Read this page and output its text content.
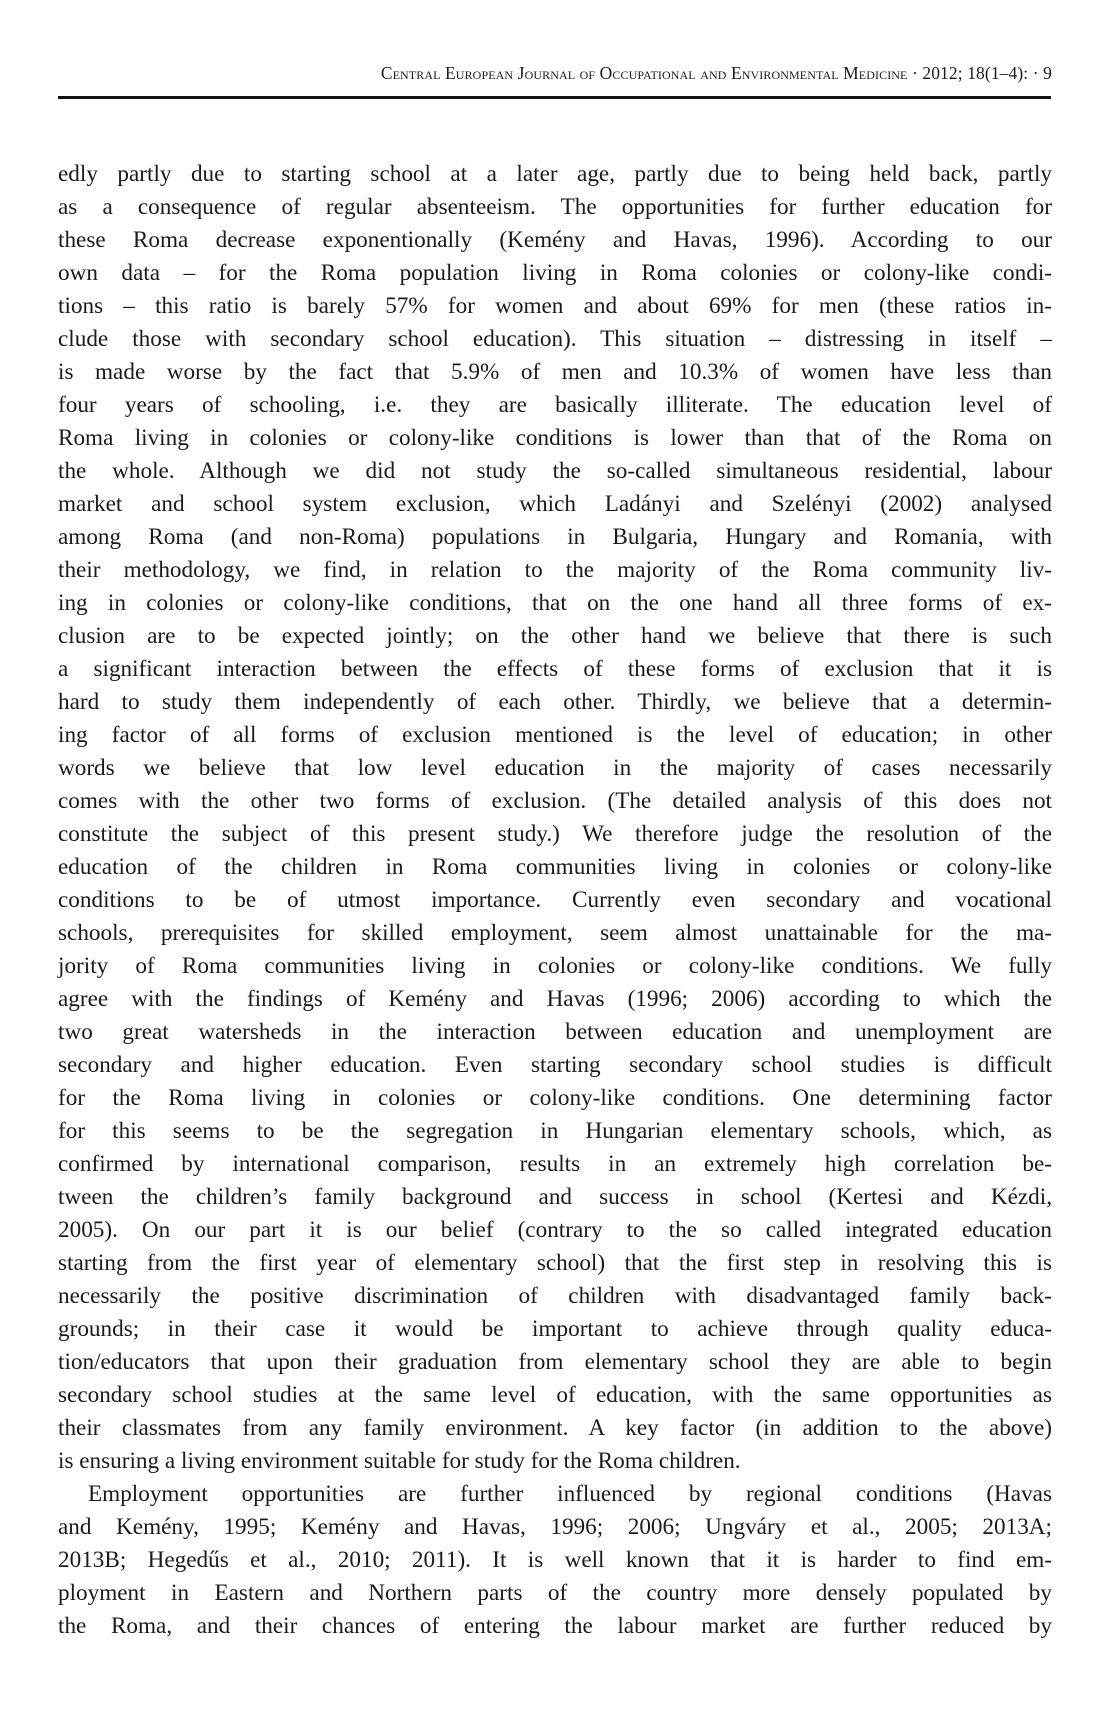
Central European Journal of Occupational and Environmental Medicine · 2012; 18(1–4): · 9
edly partly due to starting school at a later age, partly due to being held back, partly
as a consequence of regular absenteeism. The opportunities for further education for
these Roma decrease exponentionally (Kemény and Havas, 1996). According to our
own data – for the Roma population living in Roma colonies or colony-like condi-
tions – this ratio is barely 57% for women and about 69% for men (these ratios in-
clude those with secondary school education). This situation – distressing in itself –
is made worse by the fact that 5.9% of men and 10.3% of women have less than
four years of schooling, i.e. they are basically illiterate. The education level of
Roma living in colonies or colony-like conditions is lower than that of the Roma on
the whole. Although we did not study the so-called simultaneous residential, labour
market and school system exclusion, which Ladányi and Szelényi (2002) analysed
among Roma (and non-Roma) populations in Bulgaria, Hungary and Romania, with
their methodology, we find, in relation to the majority of the Roma community liv-
ing in colonies or colony-like conditions, that on the one hand all three forms of ex-
clusion are to be expected jointly; on the other hand we believe that there is such
a significant interaction between the effects of these forms of exclusion that it is
hard to study them independently of each other. Thirdly, we believe that a determin-
ing factor of all forms of exclusion mentioned is the level of education; in other
words we believe that low level education in the majority of cases necessarily
comes with the other two forms of exclusion. (The detailed analysis of this does not
constitute the subject of this present study.) We therefore judge the resolution of the
education of the children in Roma communities living in colonies or colony-like
conditions to be of utmost importance. Currently even secondary and vocational
schools, prerequisites for skilled employment, seem almost unattainable for the ma-
jority of Roma communities living in colonies or colony-like conditions. We fully
agree with the findings of Kemény and Havas (1996; 2006) according to which the
two great watersheds in the interaction between education and unemployment are
secondary and higher education. Even starting secondary school studies is difficult
for the Roma living in colonies or colony-like conditions. One determining factor
for this seems to be the segregation in Hungarian elementary schools, which, as
confirmed by international comparison, results in an extremely high correlation be-
tween the children’s family background and success in school (Kertesi and Kézdi,
2005). On our part it is our belief (contrary to the so called integrated education
starting from the first year of elementary school) that the first step in resolving this is
necessarily the positive discrimination of children with disadvantaged family back-
grounds; in their case it would be important to achieve through quality educa-
tion/educators that upon their graduation from elementary school they are able to begin
secondary school studies at the same level of education, with the same opportunities as
their classmates from any family environment. A key factor (in addition to the above)
is ensuring a living environment suitable for study for the Roma children.
Employment opportunities are further influenced by regional conditions (Havas
and Kemény, 1995; Kemény and Havas, 1996; 2006; Ungváry et al., 2005; 2013A;
2013B; Hegedűs et al., 2010; 2011). It is well known that it is harder to find em-
ployment in Eastern and Northern parts of the country more densely populated by
the Roma, and their chances of entering the labour market are further reduced by
